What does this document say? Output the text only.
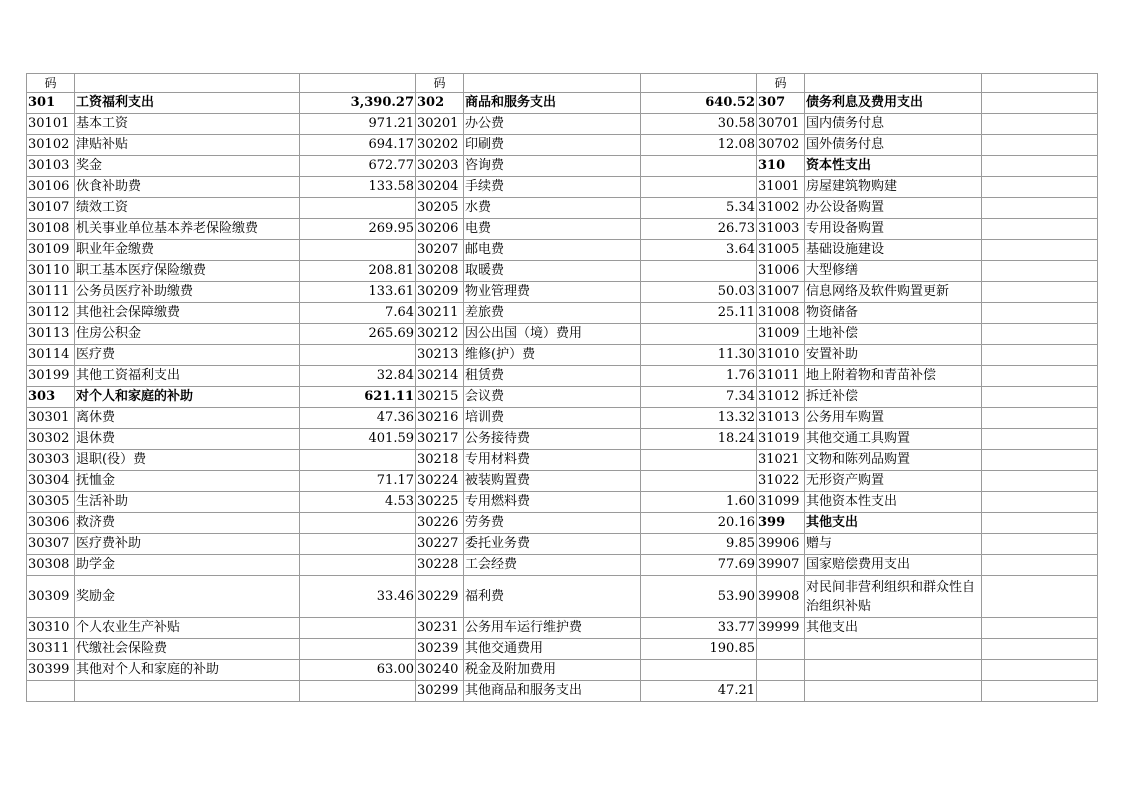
码			码			码		
301	工资福利支出	3,390.27	302	商品和服务支出	640.52	307	债务利息及费用支出	
30101	基本工资	971.21	30201	办公费	30.58	30701	国内债务付息	
30102	津贴补贴	694.17	30202	印刷费	12.08	30702	国外债务付息	
30103	奖金	672.77	30203	咨询费		310	资本性支出	
30106	伙食补助费	133.58	30204	手续费		31001	房屋建筑物购建	
30107	绩效工资		30205	水费	5.34	31002	办公设备购置	
30108	机关事业单位基本养老保险缴费	269.95	30206	电费	26.73	31003	专用设备购置	
30109	职业年金缴费		30207	邮电费	3.64	31005	基础设施建设	
30110	职工基本医疗保险缴费	208.81	30208	取暖费		31006	大型修缮	
30111	公务员医疗补助缴费	133.61	30209	物业管理费	50.03	31007	信息网络及软件购置更新	
30112	其他社会保障缴费	7.64	30211	差旅费	25.11	31008	物资储备	
30113	住房公积金	265.69	30212	因公出国（境）费用		31009	土地补偿	
30114	医疗费		30213	维修(护）费	11.30	31010	安置补助	
30199	其他工资福利支出	32.84	30214	租赁费	1.76	31011	地上附着物和青苗补偿	
303	对个人和家庭的补助	621.11	30215	会议费	7.34	31012	拆迁补偿	
30301	离休费	47.36	30216	培训费	13.32	31013	公务用车购置	
30302	退休费	401.59	30217	公务接待费	18.24	31019	其他交通工具购置	
30303	退职(役）费		30218	专用材料费		31021	文物和陈列品购置	
30304	抚恤金	71.17	30224	被装购置费		31022	无形资产购置	
30305	生活补助	4.53	30225	专用燃料费	1.60	31099	其他资本性支出	
30306	救济费		30226	劳务费	20.16	399	其他支出	
30307	医疗费补助		30227	委托业务费	9.85	39906	赠与	
30308	助学金		30228	工会经费	77.69	39907	国家赔偿费用支出	
30309	奖励金	33.46	30229	福利费	53.90	39908	对民间非营利组织和群众性自治组织补贴	
30310	个人农业生产补贴		30231	公务用车运行维护费	33.77	39999	其他支出	
30311	代缴社会保险费		30239	其他交通费用	190.85			
30399	其他对个人和家庭的补助	63.00	30240	税金及附加费用				
			30299	其他商品和服务支出	47.21			
